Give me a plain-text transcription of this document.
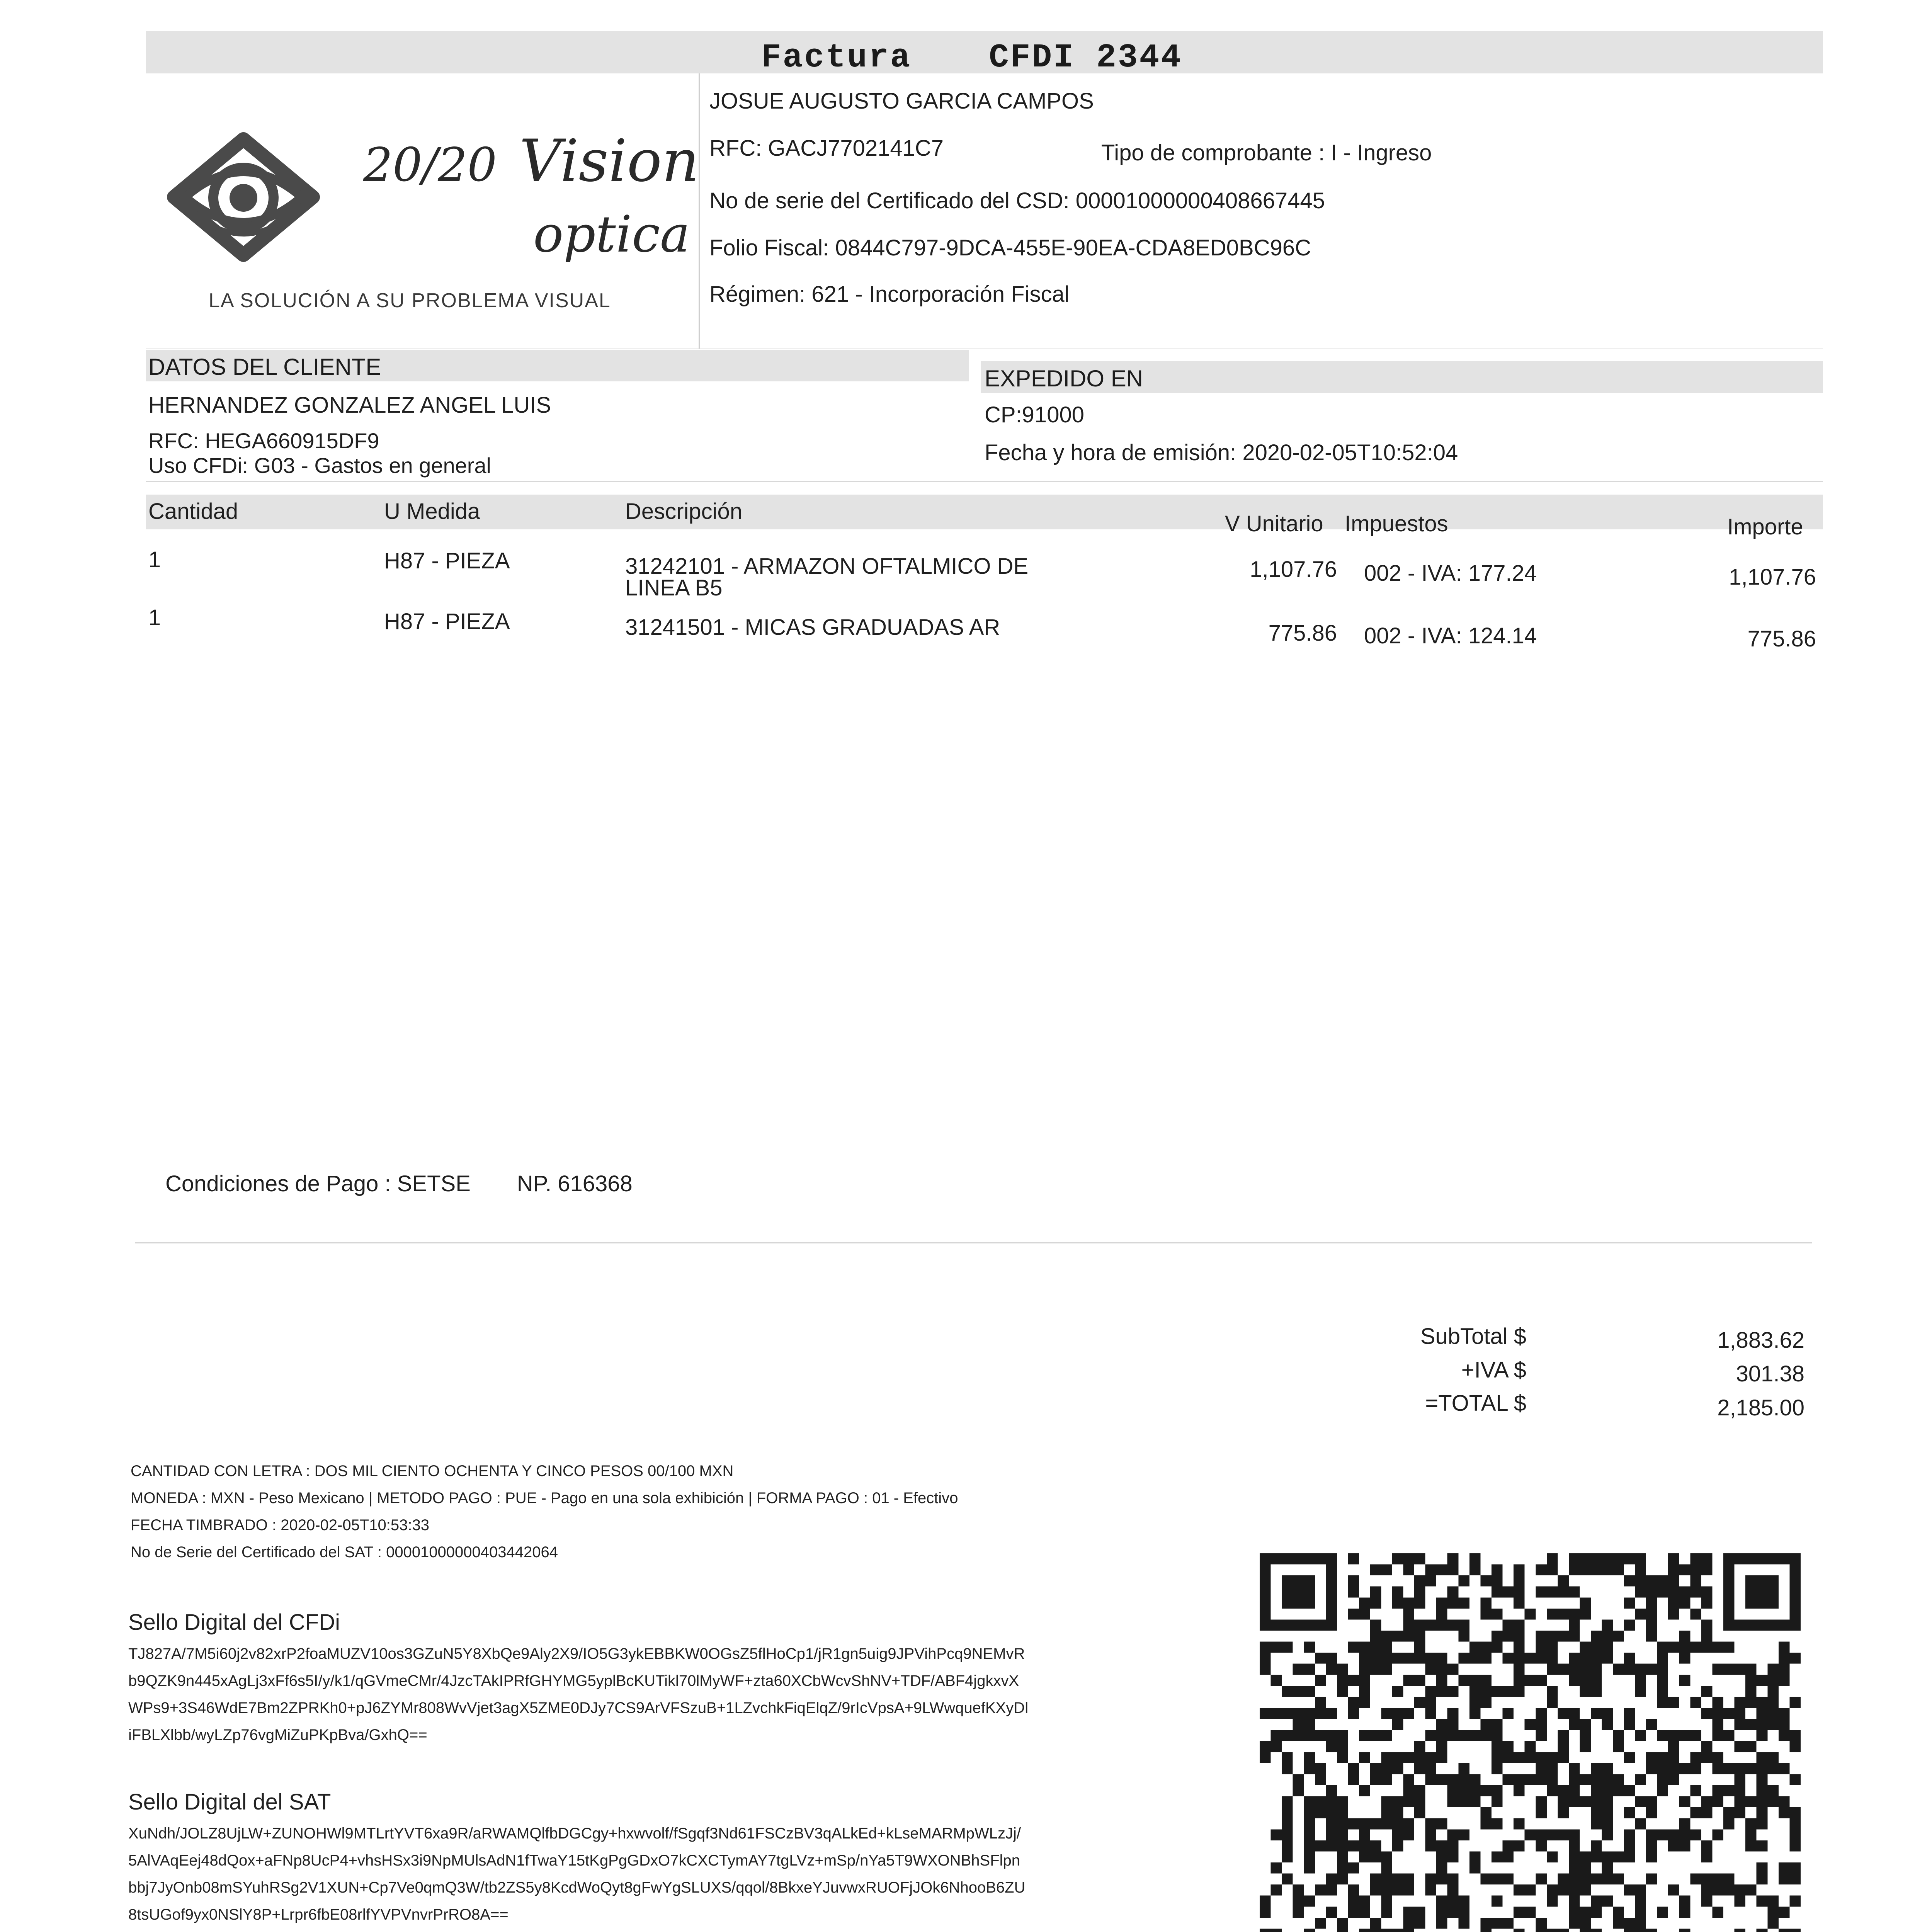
Factura CFDI 2344
20/20 Vision
optica
LA SOLUCIÓN A SU PROBLEMA VISUAL
JOSUE AUGUSTO GARCIA CAMPOS
RFC: GACJ7702141C7	Tipo de comprobante : I - Ingreso
No de serie del Certificado del CSD: 00001000000408667445
Folio Fiscal: 0844C797-9DCA-455E-90EA-CDA8ED0BC96C
Régimen: 621 - Incorporación Fiscal
DATOS DEL CLIENTE
HERNANDEZ GONZALEZ ANGEL LUIS
RFC: HEGA660915DF9
Uso CFDi: G03 - Gastos en general
EXPEDIDO EN
CP:91000
Fecha y hora de emisión: 2020-02-05T10:52:04
Cantidad	U Medida	Descripción	V Unitario Impuestos	Importe
1	H87 - PIEZA	31242101 - ARMAZON OFTALMICO DE
LINEA B5
1,107.76 002 - IVA: 177.24	1,107.76
1	H87 - PIEZA	31241501 - MICAS GRADUADAS AR	775.86 002 - IVA: 124.14	775.86
Condiciones de Pago : SETSE NP. 616368
SubTotal $	1,883.62
+IVA $	301.38
=TOTAL $	2,185.00
CANTIDAD CON LETRA : DOS MIL CIENTO OCHENTA Y CINCO PESOS 00/100 MXN
MONEDA : MXN - Peso Mexicano | METODO PAGO : PUE - Pago en una sola exhibición | FORMA PAGO : 01 - Efectivo
FECHA TIMBRADO : 2020-02-05T10:53:33
No de Serie del Certificado del SAT : 00001000000403442064
Sello Digital del CFDi
TJ827A/7M5i60j2v82xrP2foaMUZV10os3GZuN5Y8XbQe9Aly2X9/IO5G3ykEBBKW0OGsZ5flHoCp1/jR1gn5uig9JPVihPcq9NEMvR
b9QZK9n445xAgLj3xFf6s5I/y/k1/qGVmeCMr/4JzcTAkIPRfGHYMG5yplBcKUTikl70lMyWF+zta60XCbWcvShNV+TDF/ABF4jgkxvX
WPs9+3S46WdE7Bm2ZPRKh0+pJ6ZYMr808WvVjet3agX5ZME0DJy7CS9ArVFSzuB+1LZvchkFiqElqZ/9rIcVpsA+9LWwquefKXyDl
iFBLXlbb/wyLZp76vgMiZuPKpBva/GxhQ==
Sello Digital del SAT
XuNdh/JOLZ8UjLW+ZUNOHWl9MTLrtYVT6xa9R/aRWAMQlfbDGCgy+hxwvolf/fSgqf3Nd61FSCzBV3qALkEd+kLseMARMpWLzJj/
5AlVAqEej48dQox+aFNp8UcP4+vhsHSx3i9NpMUlsAdN1fTwaY15tKgPgGDxO7kCXCTymAY7tgLVz+mSp/nYa5T9WXONBhSFlpn
bbj7JyOnb08mSYuhRSg2V1XUN+Cp7Ve0qmQ3W/tb2ZS5y8KcdWoQyt8gFwYgSLUXS/qqol/8BkxeYJuvwxRUOFjJOk6NhooB6ZU
8tsUGof9yx0NSlY8P+Lrpr6fbE08rlfYVPVnvrPrRO8A==
